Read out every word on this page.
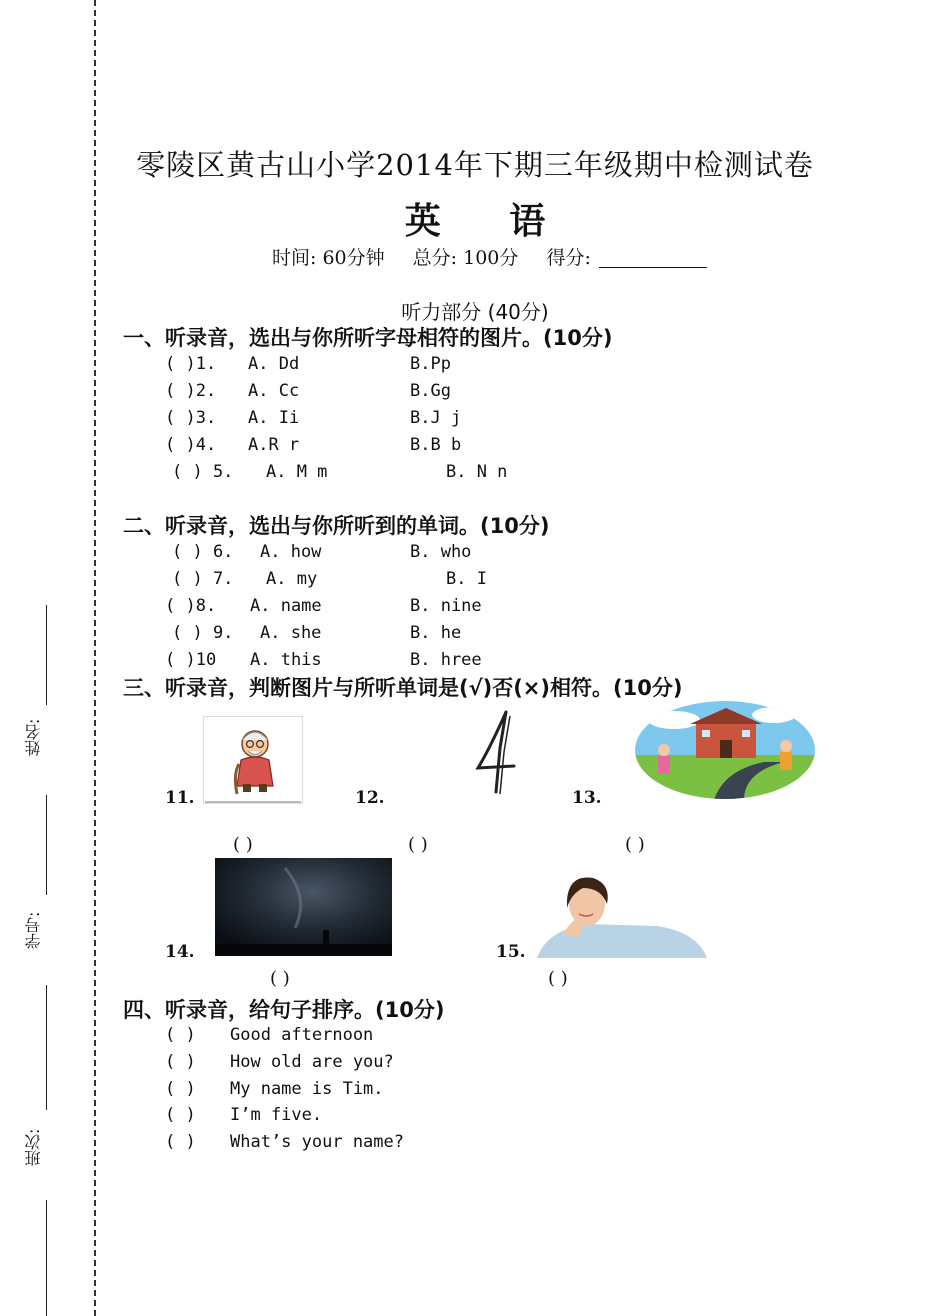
姓名:
学号:
班次:
零陵区黄古山小学2014年下期三年级期中检测试卷
英 语
时间: 60分钟 总分: 100分 得分:
听力部分 (40分)
一、听录音，选出与你所听字母相符的图片。(10分)
( )1. A. Dd	B.Pp
( )2. A. Cc	B.Gg
( )3. A. Ii	B.J j
( )4. A.R r	B.B b
( ) 5. A. M m	B. N n
二、听录音，选出与你所听到的单词。(10分)
( ) 6. A. how	B. who
( ) 7. A. my	B. I
( )8. A. name	B. nine
( ) 9. A. she	B. he
( )10 A. this	B. hree
三、听录音，判断图片与所听单词是(√)否(×)相符。(10分)
11.	12.	13.
( )	( )	( )
14.	15.
( )	( )
四、听录音，给句子排序。(10分)
( ) Good afternoon
( ) How old are you?
( ) My name is Tim.
( ) I’m five.
( ) What’s your name?
